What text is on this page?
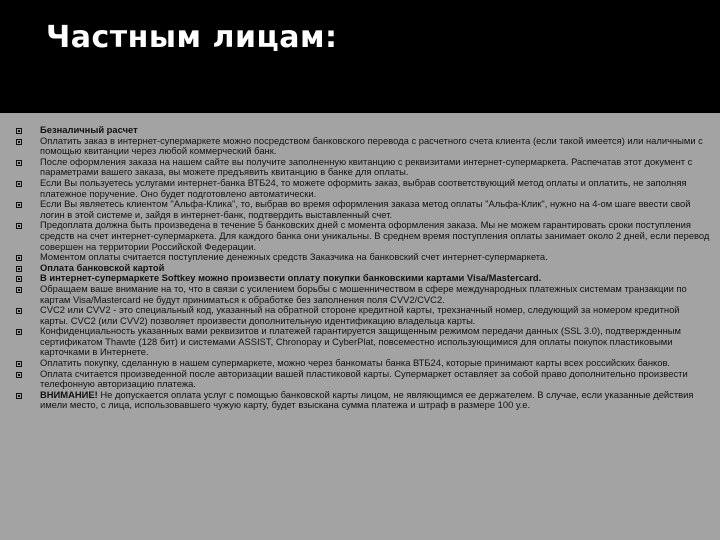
Частным лицам:
Безналичный расчет
Оплатить заказ в интернет-супермаркете можно посредством банковского перевода с расчетного счета клиента (если такой имеется) или наличными с помощью квитанции через любой коммерческий банк.
После оформления заказа на нашем сайте вы получите заполненную квитанцию с реквизитами интернет-супермаркета. Распечатав этот документ с параметрами вашего заказа, вы можете предъявить квитанцию в банке для оплаты.
Если Вы пользуетесь услугами интернет-банка ВТБ24, то можете оформить заказ, выбрав соответствующий метод оплаты и оплатить, не заполняя платежное поручение. Оно будет подготовлено автоматически.
Если Вы являетесь клиентом "Альфа-Клика", то, выбрав во время оформления заказа метод оплаты "Альфа-Клик", нужно на 4-ом шаге ввести свой логин в этой системе и, зайдя в интернет-банк, подтвердить выставленный счет.
Предоплата должна быть произведена в течение 5 банковских дней с момента оформления заказа. Мы не можем гарантировать сроки поступления средств на счет интернет-супермаркета. Для каждого банка они уникальны. В среднем время поступления оплаты занимает около 2 дней, если перевод совершен на территории Российской Федерации.
Моментом оплаты считается поступление денежных средств Заказчика на банковский счет интернет-супермаркета.
Оплата банковской картой
В интернет-супермаркете Softkey можно произвести оплату покупки банковскими картами Visa/Mastercard.
Обращаем ваше внимание на то, что в связи с усилением борьбы с мошенничеством в сфере международных платежных системам транзакции по картам Visa/Mastercard не будут приниматься к обработке без заполнения поля CVV2/CVC2.
CVC2 или CVV2 - это специальный код, указанный на обратной стороне кредитной карты, трехзначный номер, следующий за номером кредитной карты. CVC2 (или CVV2) позволяет произвести дополнительную идентификацию владельца карты.
Конфиденциальность указанных вами реквизитов и платежей гарантируется защищенным режимом передачи данных (SSL 3.0), подтвержденным сертификатом Thawte (128 бит) и системами ASSIST, Chronopay и CyberPlat, повсеместно использующимися для оплаты покупок пластиковыми карточками в Интернете.
Оплатить покупку, сделанную в нашем супермаркете, можно через банкоматы банка ВТБ24, которые принимают карты всех российских банков.
Оплата считается произведенной после авторизации вашей пластиковой карты. Супермаркет оставляет за собой право дополнительно произвести телефонную авторизацию платежа.
ВНИМАНИЕ! Не допускается оплата услуг с помощью банковской карты лицом, не являющимся ее держателем. В случае, если указанные действия имели место, с лица, использовавшего чужую карту, будет взыскана сумма платежа и штраф в размере 100 у.е.
